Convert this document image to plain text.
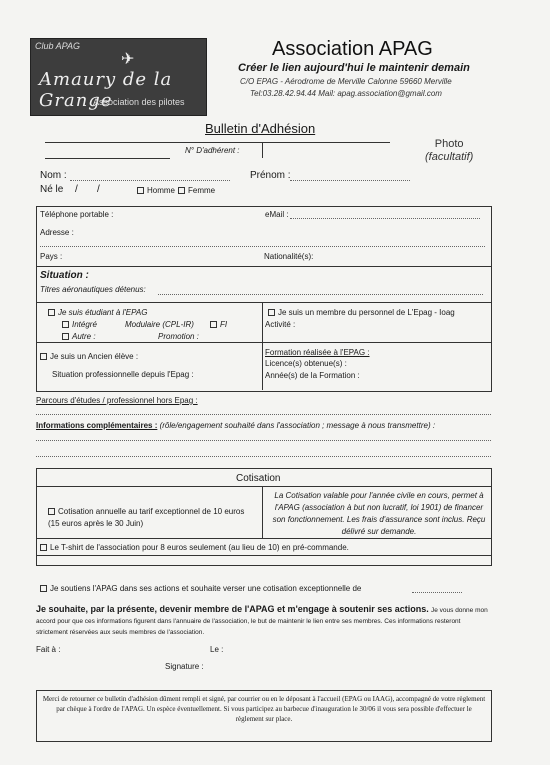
Club APAG
✈
Amaury de la Grange
Association des pilotes
Association APAG
Créer le lien aujourd'hui le maintenir demain
C/O EPAG - Aérodrome de Merville Calonne 59660 Merville
Tel:03.28.42.94.44 Mail: apag.association@gmail.com
Bulletin d'Adhésion
N° D'adhérent :
Photo
(facultatif)
Nom :	Prénom :
Né le / /	Homme	Femme
Téléphone portable :	eMail :
Adresse :
Pays :	Nationalité(s):
Situation :
Titres aéronautiques détenus:
Je suis étudiant à l'EPAG
Intégré	Modulaire (CPL-IR)	FI
Autre :	Promotion :
Je suis un membre du personnel de L'Epag - Ioag
Activité :
Je suis un Ancien élève :
Situation professionnelle depuis l'Epag :
Formation réalisée à l'EPAG :
Licence(s) obtenue(s) :
Année(s) de la Formation :
Parcours d'études / professionnel hors Epag :
Informations complémentaires : (rôle/engagement souhaité dans l'association ; message à nous transmettre) :
Cotisation
Cotisation annuelle au tarif exceptionnel de 10 euros (15 euros après le 30 Juin)
La Cotisation valable pour l'année civile en cours, permet à l'APAG (association à but non lucratif, loi 1901) de financer son fonctionnement. Les frais d'assurance sont inclus. Reçu délivré sur demande.
Le T-shirt de l'association pour 8 euros seulement (au lieu de 10) en pré-commande.
Je soutiens l'APAG dans ses actions et souhaite verser une cotisation exceptionnelle de
Je souhaite, par la présente, devenir membre de l'APAG et m'engage à soutenir ses actions. Je vous donne mon accord pour que ces informations figurent dans l'annuaire de l'association, le but de maintenir le lien entre ses membres. Ces informations resteront strictement réservées aux seuls membres de l'association.
Fait à :	Le :
Signature :
Merci de retourner ce bulletin d'adhésion dûment rempli et signé, par courrier ou en le déposant à l'accueil (EPAG ou IAAG), accompagné de votre règlement par chèque à l'ordre de l'APAG. Un espèce éventuellement. Si vous participez au barbecue d'inauguration le 30/06 il vous sera possible d'effectuer le règlement sur place.
